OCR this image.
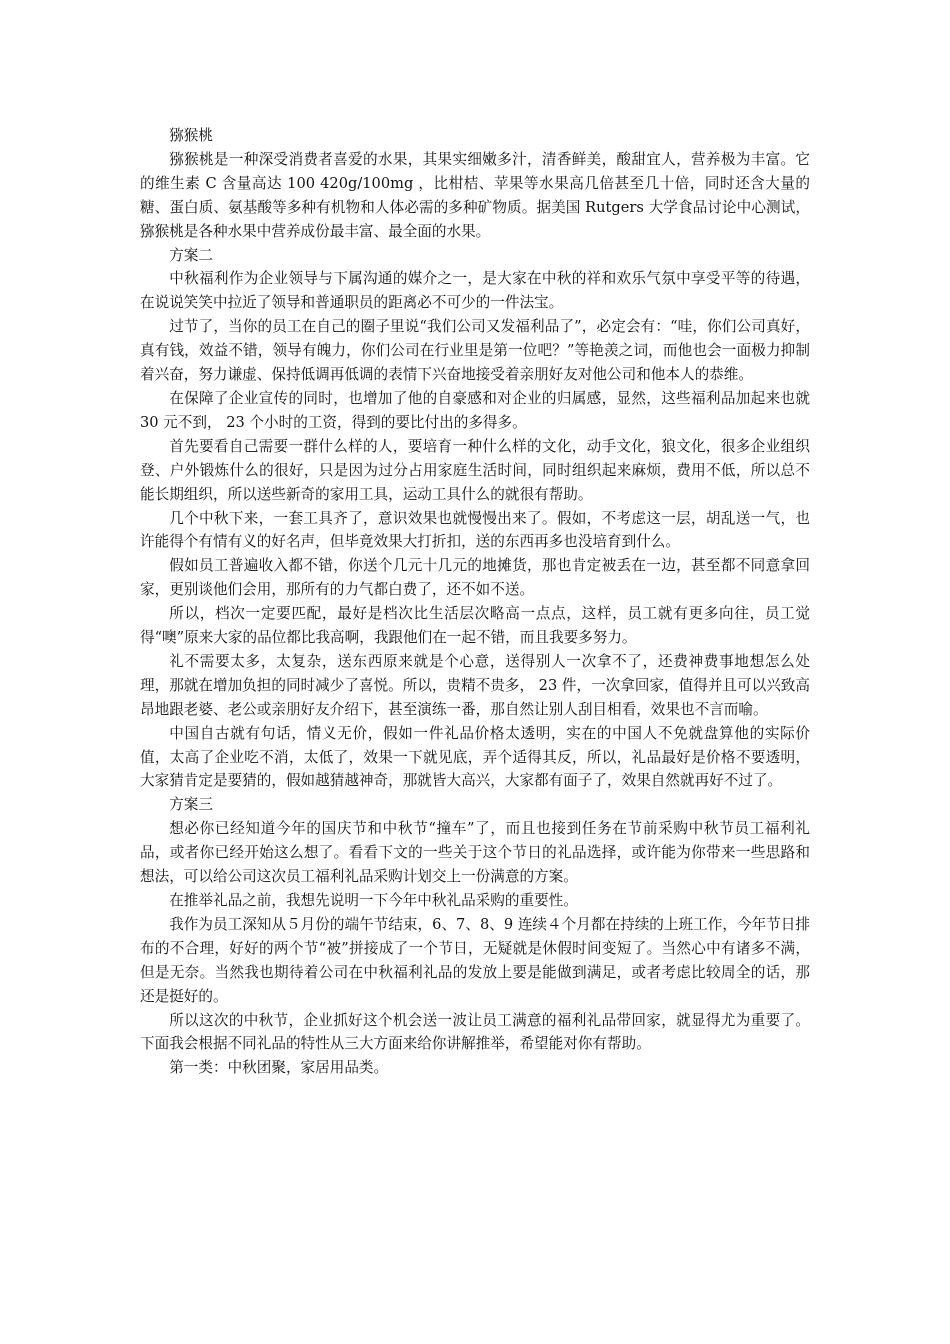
猕猴桃

猕猴桃是一种深受消费者喜爱的水果，其果实细嫩多汁，清香鲜美，酸甜宜人，营养极为丰富。它的维生素 C 含量高达 100 420g/100mg ，比柑桔、苹果等水果高几倍甚至几十倍，同时还含大量的糖、蛋白质、氨基酸等多种有机物和人体必需的多种矿物质。据美国 Rutgers 大学食品讨论中心测试，猕猴桃是各种水果中营养成份最丰富、最全面的水果。

方案二

中秋福利作为企业领导与下属沟通的媒介之一，是大家在中秋的祥和欢乐气氛中享受平等的待遇，在说说笑笑中拉近了领导和普通职员的距离必不可少的一件法宝。

过节了，当你的员工在自己的圈子里说“我们公司又发福利品了”，必定会有：“哇，你们公司真好，真有钱，效益不错，领导有魄力，你们公司在行业里是第一位吧？”等艳羡之词，而他也会一面极力抑制着兴奋，努力谦虚、保持低调再低调的表情下兴奋地接受着亲朋好友对他公司和他本人的恭维。

在保障了企业宣传的同时，也增加了他的自豪感和对企业的归属感，显然，这些福利品加起来也就 30 元不到， 23 个小时的工资，得到的要比付出的多得多。

首先要看自己需要一群什么样的人，要培育一种什么样的文化，动手文化，狼文化，很多企业组织登、户外锻炼什么的很好，只是因为过分占用家庭生活时间，同时组织起来麻烦，费用不低，所以总不能长期组织，所以送些新奇的家用工具，运动工具什么的就很有帮助。

几个中秋下来，一套工具齐了，意识效果也就慢慢出来了。假如，不考虑这一层，胡乱送一气，也许能得个有情有义的好名声，但毕竟效果大打折扣，送的东西再多也没培育到什么。

假如员工普遍收入都不错，你送个几元十几元的地摊货，那也肯定被丢在一边，甚至都不同意拿回家，更别谈他们会用，那所有的力气都白费了，还不如不送。

所以，档次一定要匹配，最好是档次比生活层次略高一点点，这样，员工就有更多向往，员工觉得“噢”原来大家的品位都比我高啊，我跟他们在一起不错，而且我要多努力。

礼不需要太多，太复杂，送东西原来就是个心意，送得别人一次拿不了，还费神费事地想怎么处理，那就在增加负担的同时减少了喜悦。所以，贵精不贵多， 23 件，一次拿回家，值得并且可以兴致高昂地跟老婆、老公或亲朋好友介绍下，甚至演练一番，那自然让别人刮目相看，效果也不言而喻。

中国自古就有句话，情义无价，假如一件礼品价格太透明，实在的中国人不免就盘算他的实际价值，太高了企业吃不消，太低了，效果一下就见底，弄个适得其反，所以，礼品最好是价格不要透明，大家猜肯定是要猜的，假如越猜越神奇，那就皆大高兴，大家都有面子了，效果自然就再好不过了。

方案三

想必你已经知道今年的国庆节和中秋节“撞车”了，而且也接到任务在节前采购中秋节员工福利礼品，或者你已经开始这么想了。看看下文的一些关于这个节日的礼品选择，或许能为你带来一些思路和想法，可以给公司这次员工福利礼品采购计划交上一份满意的方案。

在推举礼品之前，我想先说明一下今年中秋礼品采购的重要性。

我作为员工深知从５月份的端午节结束，6、7、8、9 连续４个月都在持续的上班工作，今年节日排布的不合理，好好的两个节“被”拼接成了一个节日，无疑就是休假时间变短了。当然心中有诸多不满，但是无奈。当然我也期待着公司在中秋福利礼品的发放上要是能做到满足，或者考虑比较周全的话，那还是挺好的。

所以这次的中秋节，企业抓好这个机会送一波让员工满意的福利礼品带回家，就显得尤为重要了。下面我会根据不同礼品的特性从三大方面来给你讲解推举，希望能对你有帮助。

第一类：中秋团聚，家居用品类。
